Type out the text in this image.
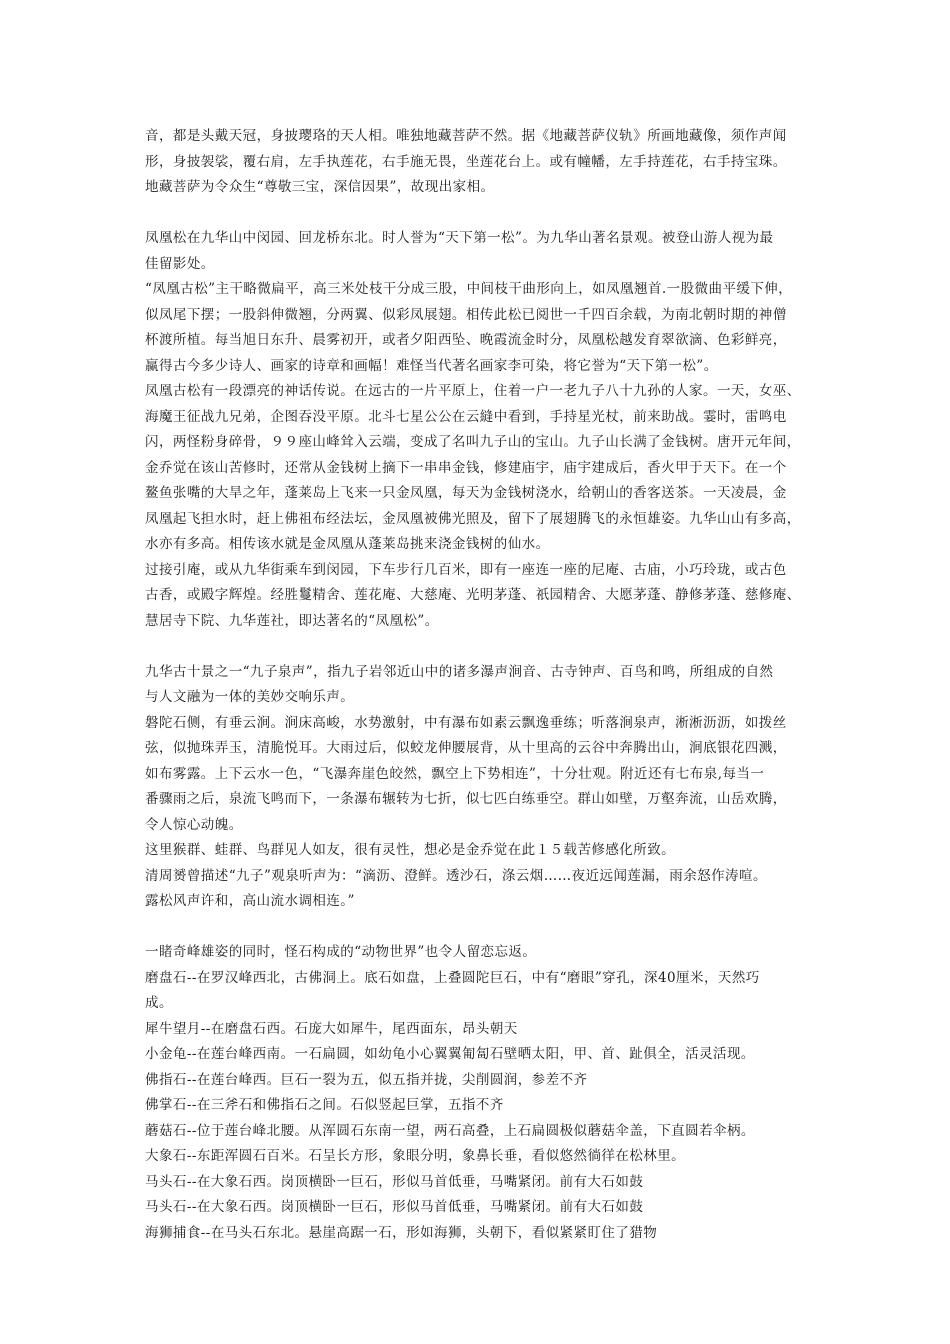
音，都是头戴天冠，身披璎珞的天人相。唯独地藏菩萨不然。据《地藏菩萨仪轨》所画地藏像，须作声闻
形，身披袈裟，覆右肩，左手执莲花，右手施无畏，坐莲花台上。或有幢幡，左手持莲花，右手持宝珠。
地藏菩萨为令众生“尊敬三宝，深信因果”，故现出家相。
凤凰松在九华山中闵园、回龙桥东北。时人誉为“天下第一松”。为九华山著名景观。被登山游人视为最
佳留影处。
“凤凰古松”主干略微扁平，高三米处枝干分成三股，中间枝干曲形向上，如凤凰翘首.一股微曲平缓下伸，
似凤尾下摆；一股斜伸微翘，分两翼、似彩凤展翅。相传此松已阅世一千四百余载，为南北朝时期的神僧
杯渡所植。每当旭日东升、晨雾初开，或者夕阳西坠、晚霞流金时分，凤凰松越发育翠欲滴、色彩鲜亮，
赢得古今多少诗人、画家的诗章和画幅！难怪当代著名画家李可染，将它誉为“天下第一松”。
凤凰古松有一段漂亮的神话传说。在远古的一片平原上，住着一户一老九子八十九孙的人家。一天，女巫、
海魔王征战九兄弟，企图吞没平原。北斗七星公公在云縫中看到，手持星光杖，前来助战。霎时，雷鸣电
闪，两怪粉身碎骨，９９座山峰耸入云端，变成了名叫九子山的宝山。九子山长满了金钱树。唐开元年间，
金乔觉在该山苦修时，还常从金钱树上摘下一串串金钱，修建庙宇，庙宇建成后，香火甲于天下。在一个
鳌鱼张嘴的大旱之年，蓬莱岛上飞来一只金凤凰，每天为金钱树浇水，给朝山的香客送茶。一天凌晨，金
凤凰起飞担水时，赶上佛祖布经法坛，金凤凰被佛光照及，留下了展翅腾飞的永恒雄姿。九华山山有多高，
水亦有多高。相传该水就是金凤凰从蓬莱岛挑来浇金钱树的仙水。
过接引庵，或从九华街乘车到闵园，下车步行几百米，即有一座连一座的尼庵、古庙，小巧玲珑，或古色
古香，或殿字辉煌。经胜鬘精舍、莲花庵、大慈庵、光明茅蓬、祇园精舍、大愿茅蓬、静修茅蓬、慈修庵、
慧居寺下院、九华莲社，即达著名的“凤凰松”。
九华古十景之一“九子泉声”，指九子岩邻近山中的诸多瀑声涧音、古寺钟声、百鸟和鸣，所组成的自然
与人文融为一体的美妙交响乐声。
磐陀石侧，有垂云涧。涧床高峻，水势激射，中有瀑布如素云飘逸垂练；听落涧泉声，淅淅沥沥，如拨丝
弦，似抛珠弄玉，清脆悦耳。大雨过后，似蛟龙伸腰展背，从十里高的云谷中奔腾出山，涧底银花四溅，
如布雾露。上下云水一色，“飞瀑奔崖色皎然，飘空上下势相连”，十分壮观。附近还有七布泉,每当一
番骤雨之后，泉流飞鸣而下，一条瀑布辗转为七折，似七匹白练垂空。群山如壁，万壑奔流，山岳欢腾，
令人惊心动魄。
这里猴群、蛙群、鸟群见人如友，很有灵性，想必是金乔觉在此１５载苦修感化所致。
清周赟曾描述“九子”观泉听声为：“滴沥、澄鲜。透沙石，涤云烟……夜近远闻莲漏，雨余怒作涛喧。
露松风声许和，高山流水调相连。”
一睹奇峰雄姿的同时，怪石构成的“动物世界”也令人留恋忘返。
磨盘石--在罗汉峰西北，古佛洞上。底石如盘，上叠圆陀巨石，中有“磨眼”穿孔，深40厘米，天然巧
成。
犀牛望月--在磨盘石西。石庞大如犀牛，尾西面东，昂头朝天
小金龟--在莲台峰西南。一石扁圆，如幼龟小心翼翼匍匐石壁晒太阳，甲、首、趾俱全，活灵活现。
佛指石--在莲台峰西。巨石一裂为五，似五指并拢，尖削圆润，参差不齐
佛掌石--在三斧石和佛指石之间。石似竖起巨掌，五指不齐
蘑菇石--位于莲台峰北腰。从浑圆石东南一望，两石高叠，上石扁圆极似蘑菇伞盖，下直圆若伞柄。
大象石--东距浑圆石百米。石呈长方形，象眼分明，象鼻长垂，看似悠然徜徉在松林里。
马头石--在大象石西。岗顶横卧一巨石，形似马首低垂，马嘴紧闭。前有大石如鼓
马头石--在大象石西。岗顶横卧一巨石，形似马首低垂，马嘴紧闭。前有大石如鼓
海狮捕食--在马头石东北。悬崖高踞一石，形如海狮，头朝下，看似紧紧盯住了猎物
